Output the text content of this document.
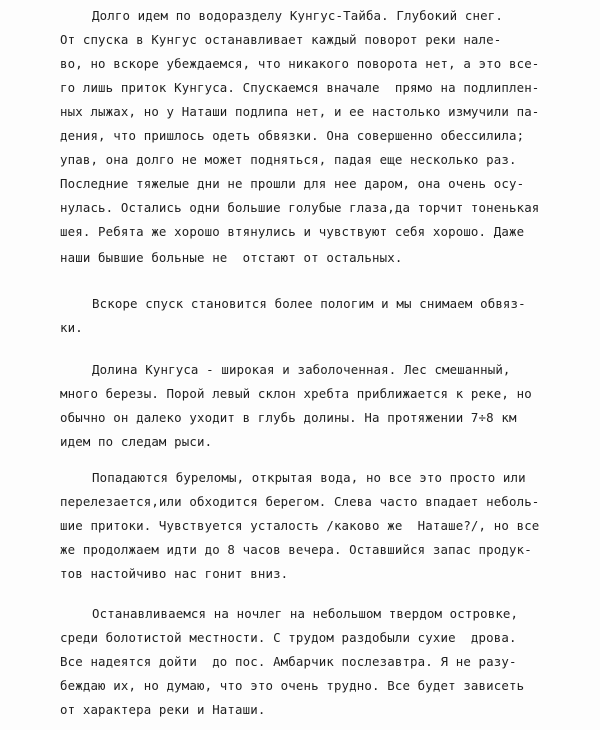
Долго идем по водоразделу Кунгус-Тайба. Глубокий снег.
От спуска в Кунгус останавливает каждый поворот реки нале-
во, но вскоре убеждаемся, что никакого поворота нет, а это все-
го лишь приток Кунгуса. Спускаемся вначале  прямо на подлиплен-
ных лыжах, но у Наташи подлипа нет, и ее настолько измучили па-
дения, что пришлось одеть обвязки. Она совершенно обессилила;
упав, она долго не может подняться, падая еще несколько раз.
Последние тяжелые дни не прошли для нее даром, она очень осу-
нулась. Остались одни большие голубые глаза,да торчит тоненькая
шея. Ребята же хорошо втянулись и чувствуют себя хорошо. Даже
наши бывшие больные не  отстают от остальных.
Вскоре спуск становится более пологим и мы снимаем обвяз-
ки.
Долина Кунгуса - широкая и заболоченная. Лес смешанный,
много березы. Порой левый склон хребта приближается к реке, но
обычно он далеко уходит в глубь долины. На протяжении 7÷8 км
идем по следам рыси.
Попадаются буреломы, открытая вода, но все это просто или
перелезается,или обходится берегом. Слева часто впадает неболь-
шие притоки. Чувствуется усталость /каково же  Наташе?/, но все
же продолжаем идти до 8 часов вечера. Оставшийся запас продук-
тов настойчиво нас гонит вниз.
Останавливаемся на ночлег на небольшом твердом островке,
среди болотистой местности. С трудом раздобыли сухие  дрова.
Все надеятся дойти  до пос. Амбарчик послезавтра. Я не разу-
беждаю их, но думаю, что это очень трудно. Все будет зависеть
от характера реки и Наташи.
